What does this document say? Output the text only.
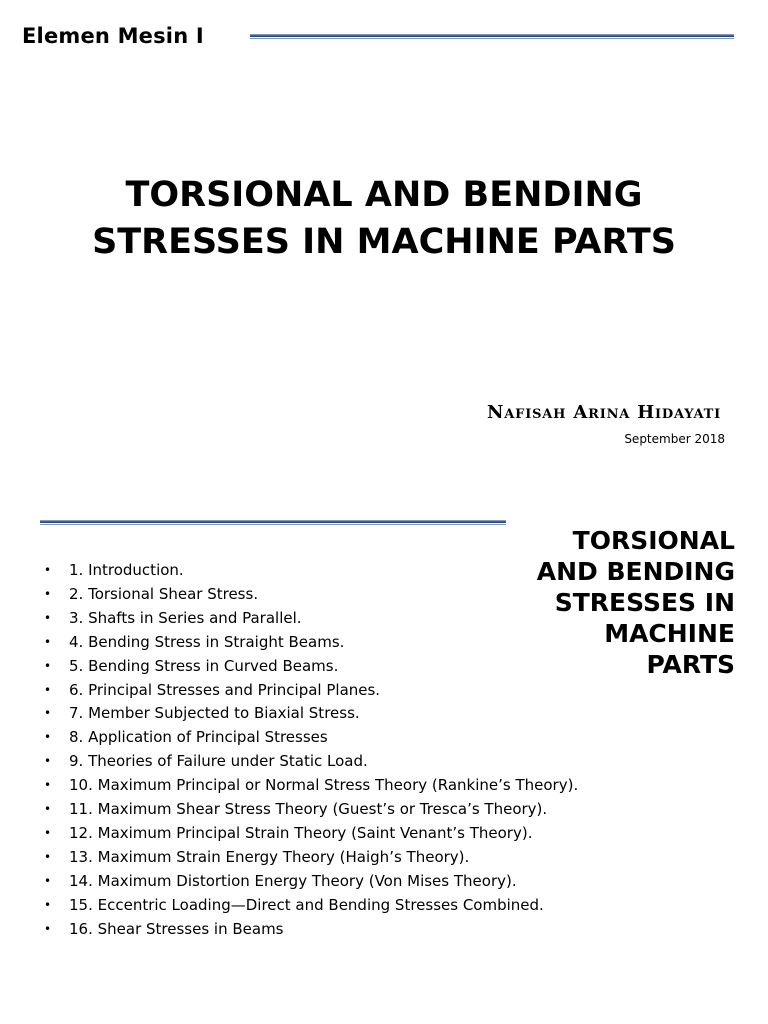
Elemen Mesin I
TORSIONAL AND BENDING
STRESSES IN MACHINE PARTS
Nafisah Arina Hidayati
September 2018
TORSIONAL
AND BENDING
STRESSES IN
MACHINE
PARTS
• 1. Introduction.
• 2. Torsional Shear Stress.
• 3. Shafts in Series and Parallel.
• 4. Bending Stress in Straight Beams.
• 5. Bending Stress in Curved Beams.
• 6. Principal Stresses and Principal Planes.
• 7. Member Subjected to Biaxial Stress.
• 8. Application of Principal Stresses
• 9. Theories of Failure under Static Load.
• 10. Maximum Principal or Normal Stress Theory (Rankine’s Theory).
• 11. Maximum Shear Stress Theory (Guest’s or Tresca’s Theory).
• 12. Maximum Principal Strain Theory (Saint Venant’s Theory).
• 13. Maximum Strain Energy Theory (Haigh’s Theory).
• 14. Maximum Distortion Energy Theory (Von Mises Theory).
• 15. Eccentric Loading—Direct and Bending Stresses Combined.
• 16. Shear Stresses in Beams
